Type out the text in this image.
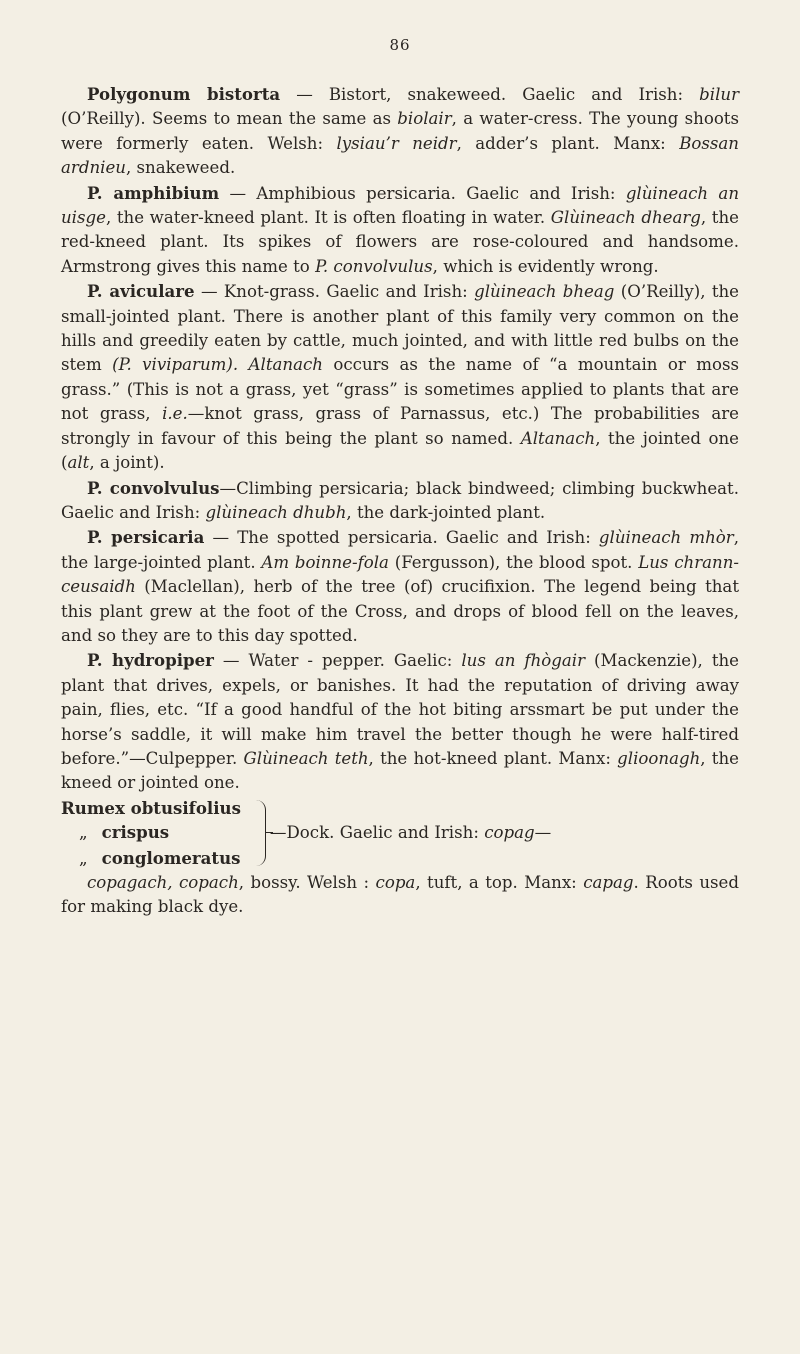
86

Polygonum bistorta — Bistort, snakeweed. Gaelic and Irish: bilur (O’Reilly). Seems to mean the same as biolair, a water-cress. The young shoots were formerly eaten. Welsh: lysiau’r neidr, adder’s plant. Manx: Bossan ardnieu, snakeweed.

P. amphibium — Amphibious persicaria. Gaelic and Irish: glùineach an uisge, the water-kneed plant. It is often floating in water. Glùineach dhearg, the red-kneed plant. Its spikes of flowers are rose-coloured and handsome. Armstrong gives this name to P. convolvulus, which is evidently wrong.

P. aviculare — Knot-grass. Gaelic and Irish: glùineach bheag (O’Reilly), the small-jointed plant. There is another plant of this family very common on the hills and greedily eaten by cattle, much jointed, and with little red bulbs on the stem (P. viviparum). Altanach occurs as the name of “a mountain or moss grass.” (This is not a grass, yet “grass” is sometimes applied to plants that are not grass, i.e.—knot grass, grass of Parnassus, etc.) The probabilities are strongly in favour of this being the plant so named. Altanach, the jointed one (alt, a joint).

P. convolvulus—Climbing persicaria; black bindweed; climbing buckwheat. Gaelic and Irish: glùineach dhubh, the dark-jointed plant.

P. persicaria — The spotted persicaria. Gaelic and Irish: glùineach mhòr, the large-jointed plant. Am boinne-fola (Fergusson), the blood spot. Lus chrann-ceusaidh (Maclellan), herb of the tree (of) crucifixion. The legend being that this plant grew at the foot of the Cross, and drops of blood fell on the leaves, and so they are to this day spotted.

P. hydropiper — Water - pepper. Gaelic: lus an fhògair (Mackenzie), the plant that drives, expels, or banishes. It had the reputation of driving away pain, flies, etc. “If a good handful of the hot biting arssmart be put under the horse’s saddle, it will make him travel the better though he were half-tired before.”—Culpepper. Glùineach teth, the hot-kneed plant. Manx: glioonagh, the kneed or jointed one.

Rumex obtusifolius
„ crispus
„ conglomeratus
—Dock. Gaelic and Irish: copag—

copagach, copach, bossy. Welsh : copa, tuft, a top. Manx: capag. Roots used for making black dye.
